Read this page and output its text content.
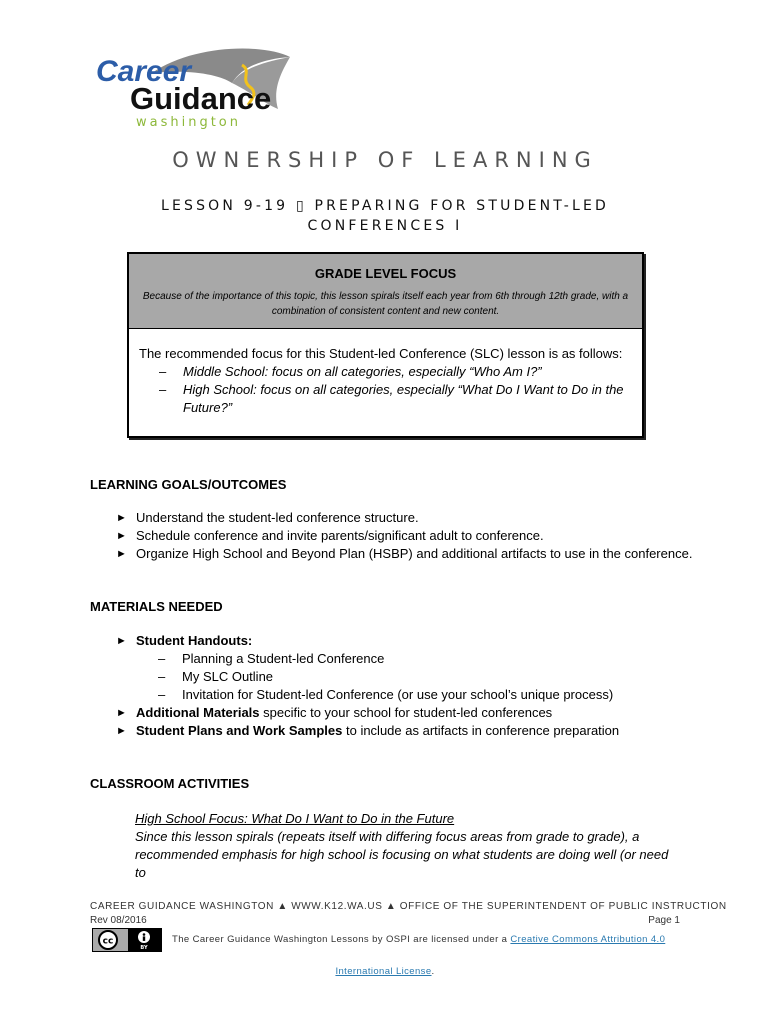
Career
Guidance
washington
OWNERSHIP OF LEARNING
LESSON 9-19 ▯ PREPARING FOR STUDENT-LED
CONFERENCES I
GRADE LEVEL FOCUS

Because of the importance of this topic, this lesson spirals itself each year from 6th through 12th grade, with a
combination of consistent content and new content.

The recommended focus for this Student-led Conference (SLC) lesson is as follows:
–	Middle School: focus on all categories, especially “Who Am I?”
–	High School: focus on all categories, especially “What Do I Want to Do in the Future?”
LEARNING GOALS/OUTCOMES
► Understand the student-led conference structure.
► Schedule conference and invite parents/significant adult to conference.
► Organize High School and Beyond Plan (HSBP) and additional artifacts to use in the conference.
MATERIALS NEEDED
► Student Handouts:
– Planning a Student-led Conference
– My SLC Outline
– Invitation for Student-led Conference (or use your school’s unique process)
► Additional Materials specific to your school for student-led conferences
► Student Plans and Work Samples to include as artifacts in conference preparation
CLASSROOM ACTIVITIES
High School Focus: What Do I Want to Do in the Future
Since this lesson spirals (repeats itself with differing focus areas from grade to grade), a
recommended emphasis for high school is focusing on what students are doing well (or need to
CAREER GUIDANCE WASHINGTON ▲ WWW.K12.WA.US ▲ OFFICE OF THE SUPERINTENDENT OF PUBLIC INSTRUCTION
Rev 08/2016	Page 1
cc
BY
The Career Guidance Washington Lessons by OSPI are licensed under a Creative Commons Attribution 4.0
International License.
